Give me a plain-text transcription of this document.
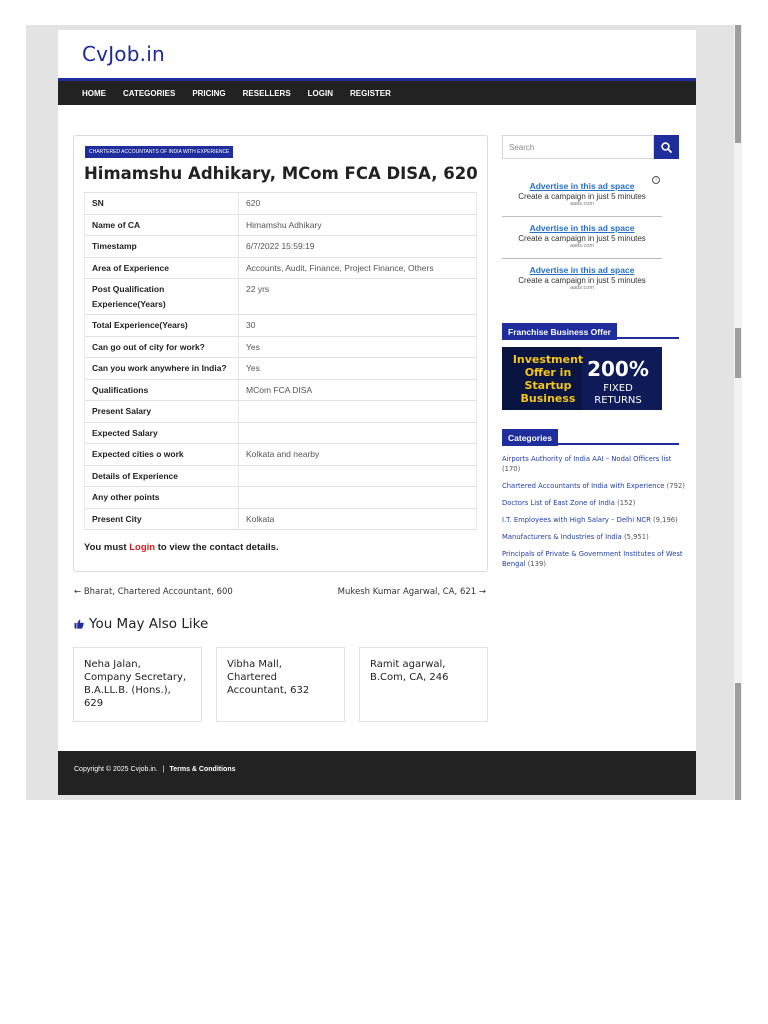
CvJob.in
HOME CATEGORIES PRICING RESELLERS LOGIN REGISTER
CHARTERED ACCOUNTANTS OF INDIA WITH EXPERIENCE
Himamshu Adhikary, MCom FCA DISA, 620
SN	620
Name of CA	Himamshu Adhikary
Timestamp	6/7/2022 15:59:19
Area of Experience	Accounts, Audit, Finance, Project Finance, Others
Post Qualification Experience(Years)	22 yrs
Total Experience(Years)	30
Can go out of city for work?	Yes
Can you work anywhere in India?	Yes
Qualifications	MCom FCA DISA
Present Salary	
Expected Salary	
Expected cities o work	Kolkata and nearby
Details of Experience	
Any other points	
Present City	Kolkata

You must Login to view the contact details.

← Bharat, Chartered Accountant, 600	Mukesh Kumar Agarwal, CA, 621 →
You May Also Like
Neha Jalan, Company Secretary, B.A.LL.B. (Hons.), 629
Vibha Mall, Chartered Accountant, 632
Ramit agarwal, B.Com, CA, 246
Search
i
Advertise in this ad space
Create a campaign in just 5 minutes
aads.com
Advertise in this ad space
Create a campaign in just 5 minutes
aads.com
Advertise in this ad space
Create a campaign in just 5 minutes
aads.com
Franchise Business Offer
Investment
Offer in
Startup
Business
200%
FIXED
RETURNS
Categories
Airports Authority of India AAI – Nodal Officers list (170)
Chartered Accountants of India with Experience (792)
Doctors List of East Zone of India (152)
I.T. Employees with High Salary – Delhi NCR (9,196)
Manufacturers & Industries of India (5,951)
Principals of Private & Government Institutes of West Bengal (139)
Copyright © 2025 Cvjob.in. | Terms & Conditions
